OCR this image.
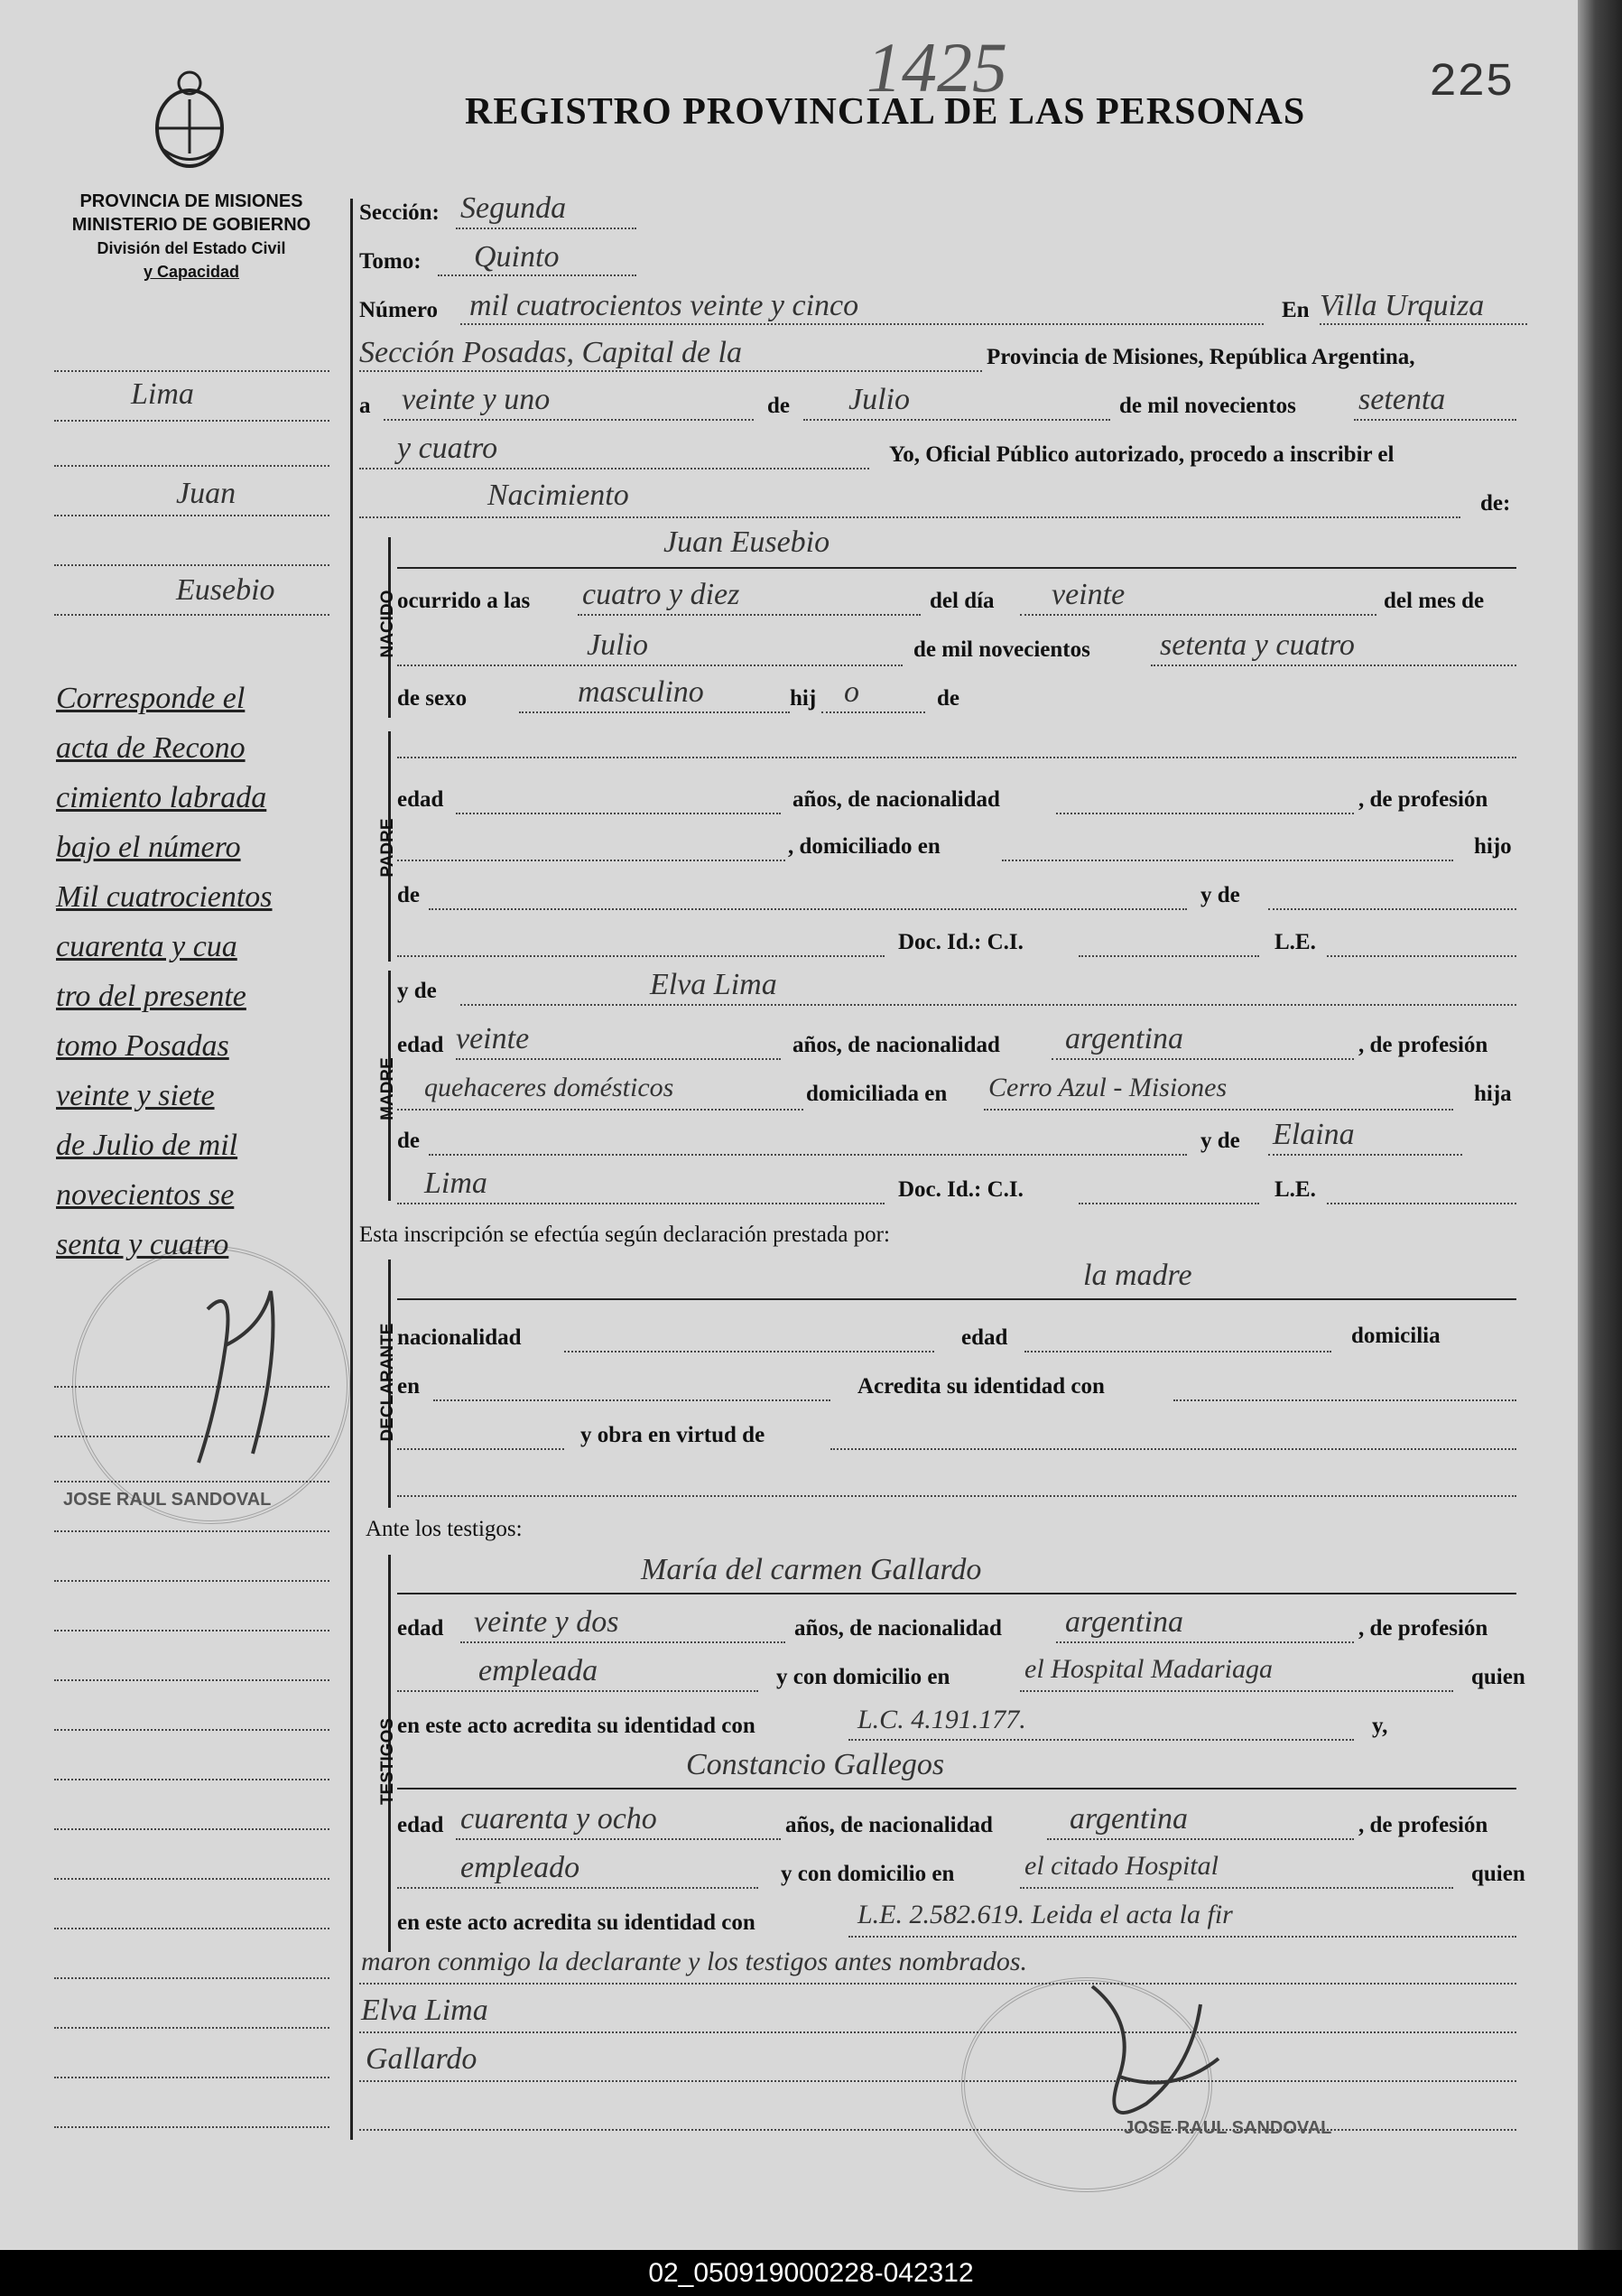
1425	225
REGISTRO PROVINCIAL DE LAS PERSONAS
PROVINCIA DE MISIONES
MINISTERIO DE GOBIERNO
División del Estado Civil
y Capacidad
Lima
Juan
Eusebio
Corresponde el
acta de Recono
cimiento labrada
bajo el número
Mil cuatrocientos
cuarenta y cua
tro del presente
tomo Posadas
veinte y siete
de Julio de mil
novecientos se
senta y cuatro
JOSE RAUL SANDOVAL
Sección: Segunda
Tomo: Quinto
Número mil cuatrocientos veinte y cinco	En Villa Urquiza
Sección Posadas, Capital de la	Provincia de Misiones, República Argentina,
a veinte y uno	de Julio	de mil novecientos setenta
y cuatro	Yo, Oficial Público autorizado, procedo a inscribir el
Nacimiento	de:
NACIDO
Juan Eusebio
ocurrido a las cuatro y diez	del día veinte	del mes de
Julio	de mil novecientos setenta y cuatro
de sexo	masculino	hij o	de
PADRE
edad	años, de nacionalidad	, de profesión
, domiciliado en	hijo
de	y de
Doc. Id.: C.I.	L.E.
MADRE
y de	Elva Lima
edad veinte	años, de nacionalidad argentina	, de profesión
quehaceres domésticos	domiciliada en Cerro Azul - Misiones	hija
de	y de Elaina
Lima	Doc. Id.: C.I.	L.E.
Esta inscripción se efectúa según declaración prestada por:
DECLARANTE
la madre
nacionalidad	edad	domicilia
en	Acredita su identidad con
y obra en virtud de
Ante los testigos:
TESTIGOS
María del carmen Gallardo
edad veinte y dos	años, de nacionalidad argentina	, de profesión
empleada	y con domicilio en	el Hospital Madariaga	quien
en este acto acredita su identidad con	L.C. 4.191.177.	y,
Constancio Gallegos
edad cuarenta y ocho	años, de nacionalidad	argentina	, de profesión
empleado	y con domicilio en	el citado Hospital	quien
en este acto acredita su identidad con	L.E. 2.582.619. Leida el acta la fir
maron conmigo la declarante y los testigos antes nombrados.
Elva Lima
Gallardo
JOSE RAUL SANDOVAL
02_050919000228-042312
